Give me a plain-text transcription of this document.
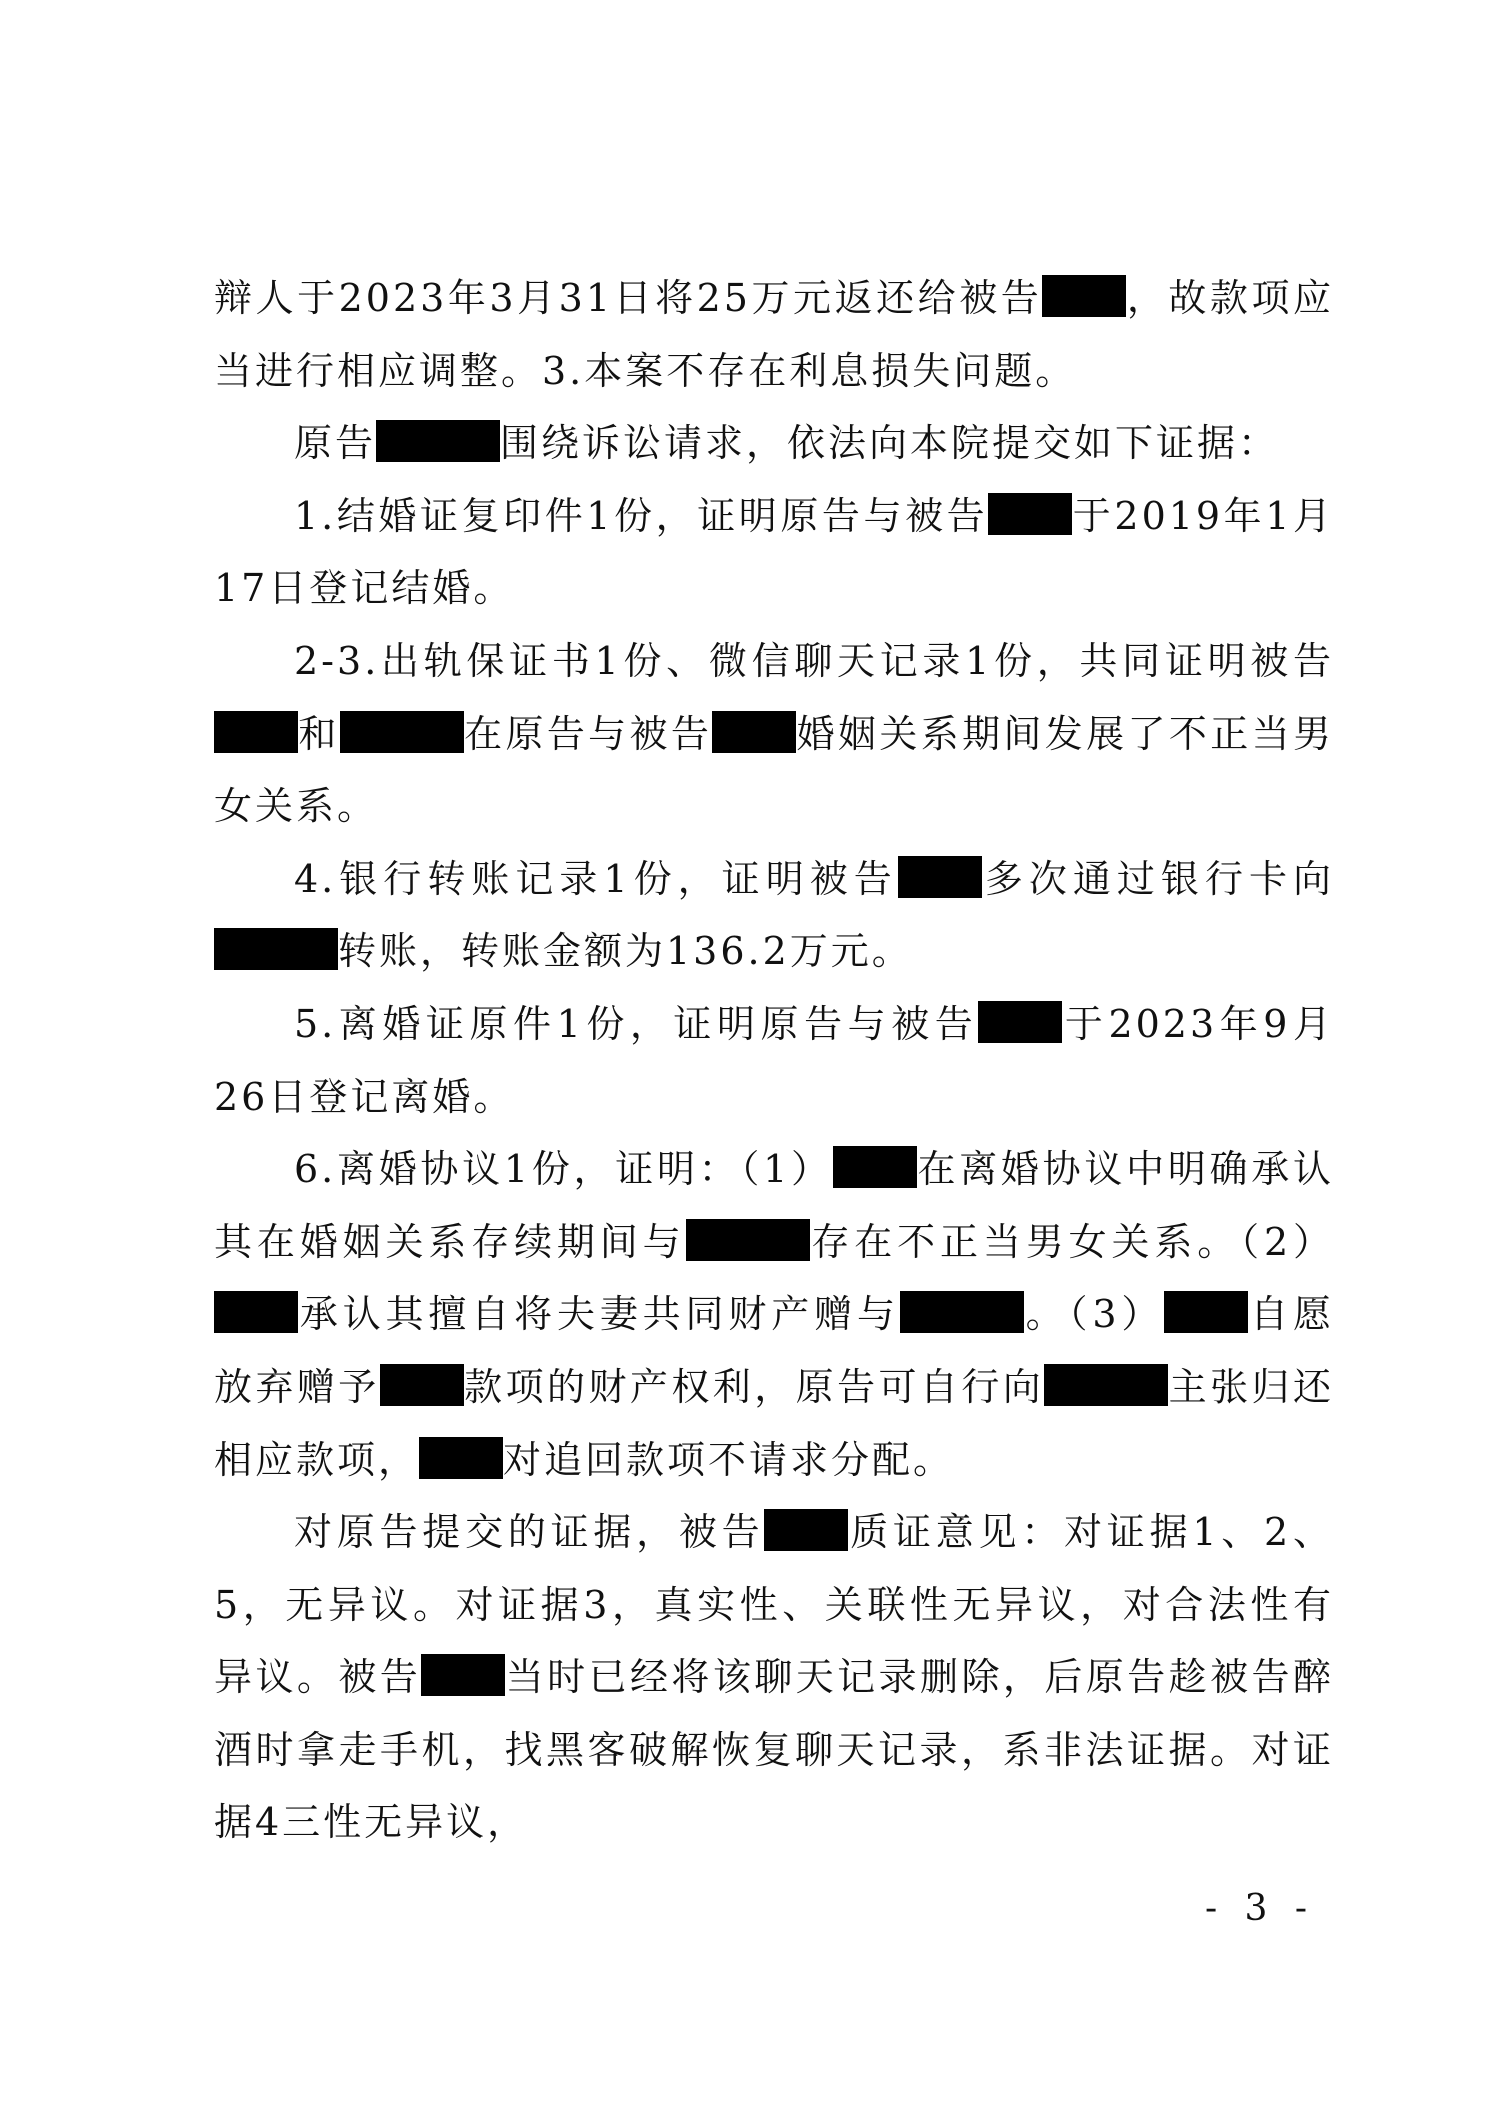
辩人于2023年3月31日将25万元返还给被告 ，故款项应当进行相应调整。3.本案不存在利息损失问题。

原告	围绕诉讼请求，依法向本院提交如下证据：

1.结婚证复印件1份，证明原告与被告 于2019年1月17日登记结婚。

2-3.出轨保证书1份、微信聊天记录1份，共同证明被告和	在原告与被告 婚姻关系期间发展了不正当男女关系。

4.银行转账记录1份，证明被告 多次通过银行卡向转账，转账金额为136.2万元。

5.离婚证原件1份，证明原告与被告 于2023年9月26日登记离婚。

6.离婚协议1份，证明：（1） 在离婚协议中明确承认其在婚姻关系存续期间与	存在不正当男女关系。（2）承认其擅自将夫妻共同财产赠与	。（3） 自愿放弃赠予 款项的财产权利，原告可自行向	主张归还相应款项， 对追回款项不请求分配。

对原告提交的证据，被告 质证意见：对证据1、2、5，无异议。对证据3，真实性、关联性无异议，对合法性有异议。被告 当时已经将该聊天记录删除，后原告趁被告醉酒时拿走手机，找黑客破解恢复聊天记录，系非法证据。对证据4三性无异议，

- 3 -
